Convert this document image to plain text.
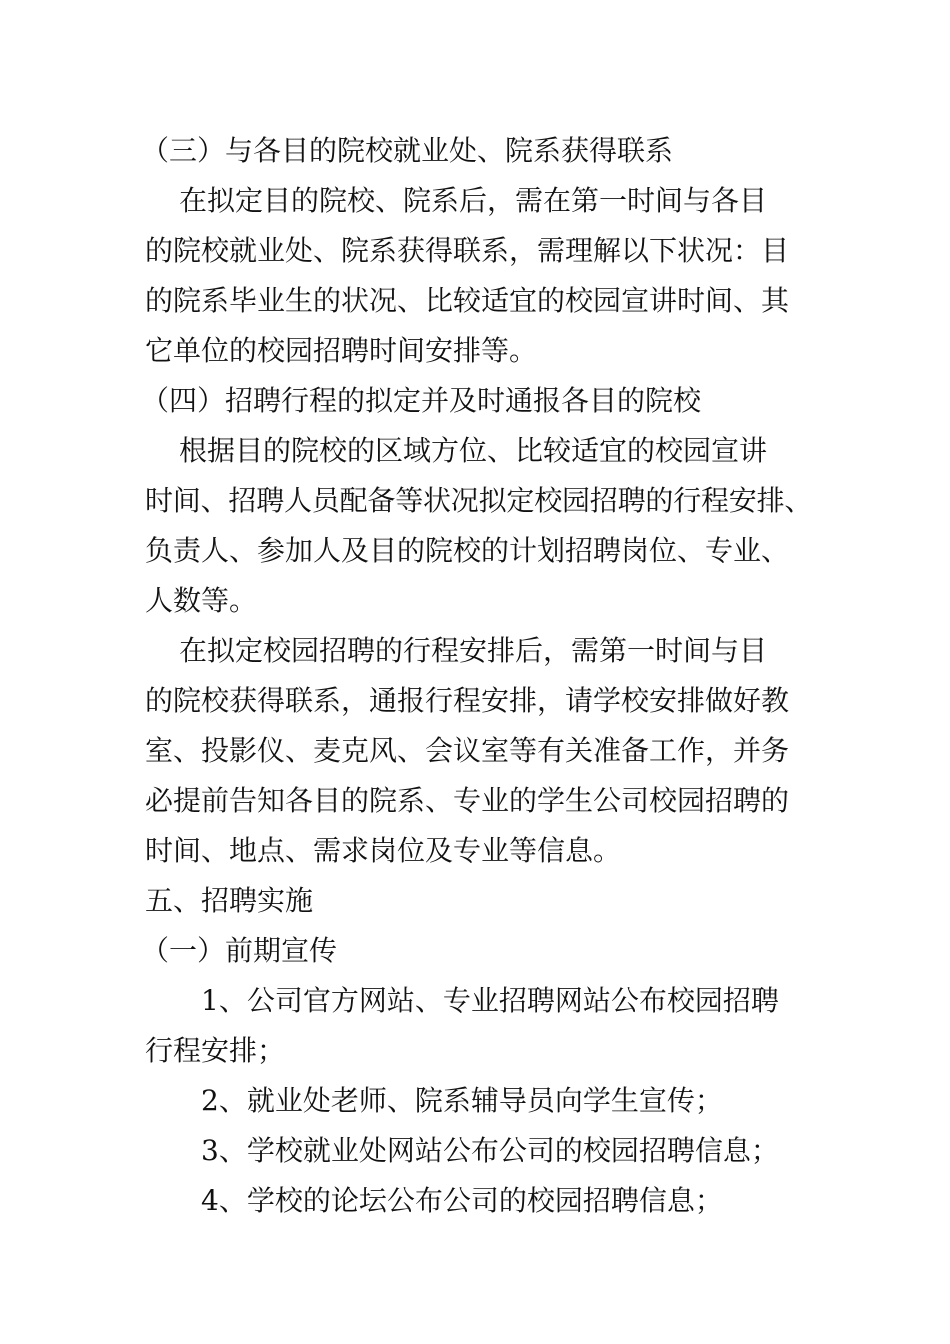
（三）与各目的院校就业处、院系获得联系
在拟定目的院校、院系后，需在第一时间与各目
的院校就业处、院系获得联系，需理解以下状况：目
的院系毕业生的状况、比较适宜的校园宣讲时间、其
它单位的校园招聘时间安排等。
（四）招聘行程的拟定并及时通报各目的院校
根据目的院校的区域方位、比较适宜的校园宣讲
时间、招聘人员配备等状况拟定校园招聘的行程安排、
负责人、参加人及目的院校的计划招聘岗位、专业、
人数等。
在拟定校园招聘的行程安排后，需第一时间与目
的院校获得联系，通报行程安排，请学校安排做好教
室、投影仪、麦克风、会议室等有关准备工作，并务
必提前告知各目的院系、专业的学生公司校园招聘的
时间、地点、需求岗位及专业等信息。
五、招聘实施
（一）前期宣传
1、公司官方网站、专业招聘网站公布校园招聘
行程安排；
2、就业处老师、院系辅导员向学生宣传；
3、学校就业处网站公布公司的校园招聘信息；
4、学校的论坛公布公司的校园招聘信息；
